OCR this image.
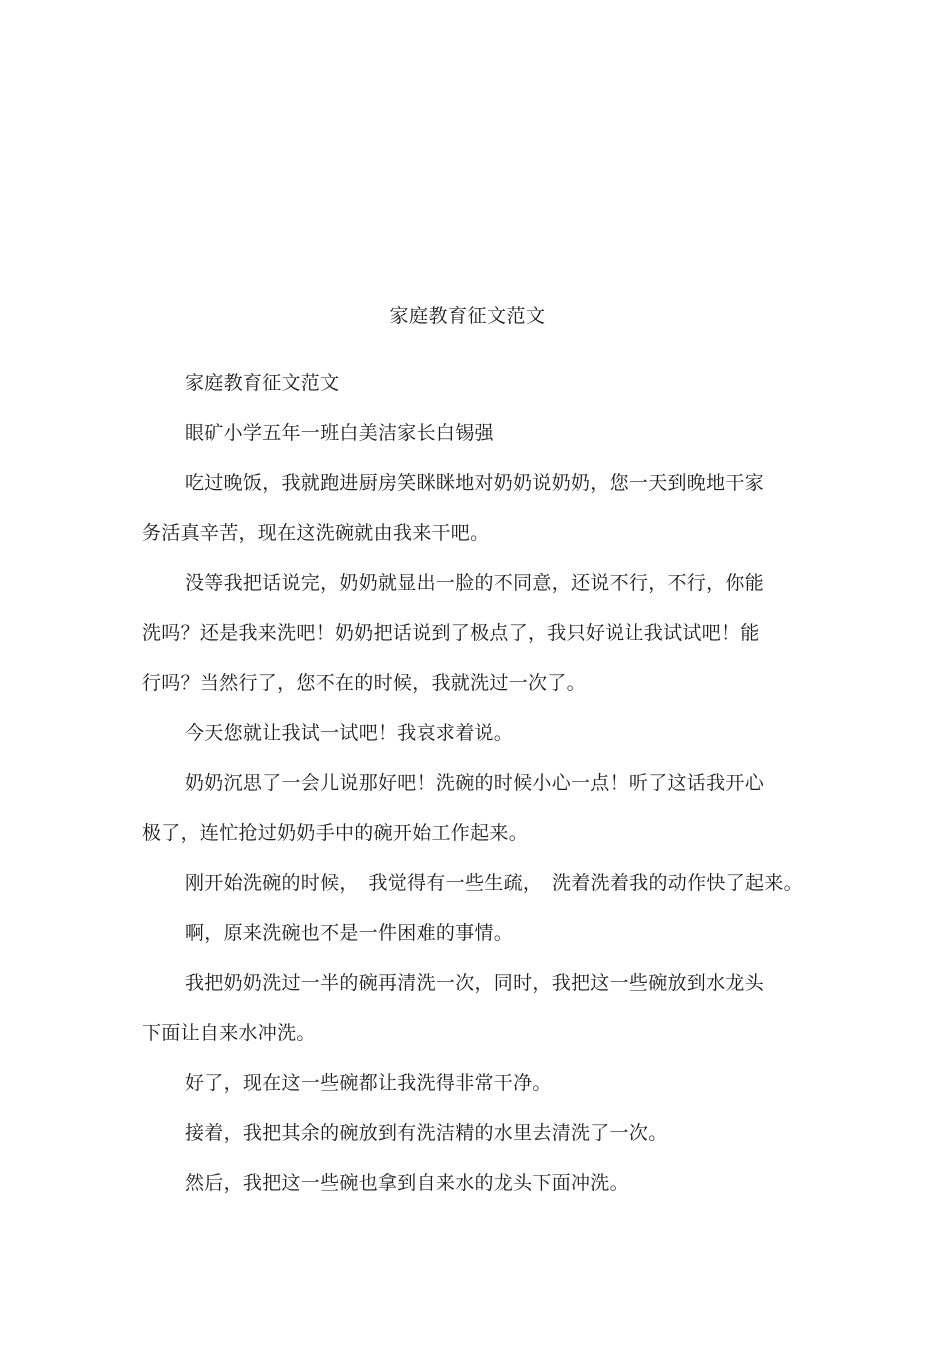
家庭教育征文范文
家庭教育征文范文
眼矿小学五年一班白美洁家长白锡强
吃过晚饭，我就跑进厨房笑眯眯地对奶奶说奶奶，您一天到晚地干家
务活真辛苦，现在这洗碗就由我来干吧。
没等我把话说完，奶奶就显出一脸的不同意，还说不行，不行，你能
洗吗？还是我来洗吧！奶奶把话说到了极点了，我只好说让我试试吧！能
行吗？当然行了，您不在的时候，我就洗过一次了。
今天您就让我试一试吧！我哀求着说。
奶奶沉思了一会儿说那好吧！洗碗的时候小心一点！听了这话我开心
极了，连忙抢过奶奶手中的碗开始工作起来。
刚开始洗碗的时候，　我觉得有一些生疏，　洗着洗着我的动作快了起来。
啊，原来洗碗也不是一件困难的事情。
我把奶奶洗过一半的碗再清洗一次，同时，我把这一些碗放到水龙头
下面让自来水冲洗。
好了，现在这一些碗都让我洗得非常干净。
接着，我把其余的碗放到有洗洁精的水里去清洗了一次。
然后，我把这一些碗也拿到自来水的龙头下面冲洗。
